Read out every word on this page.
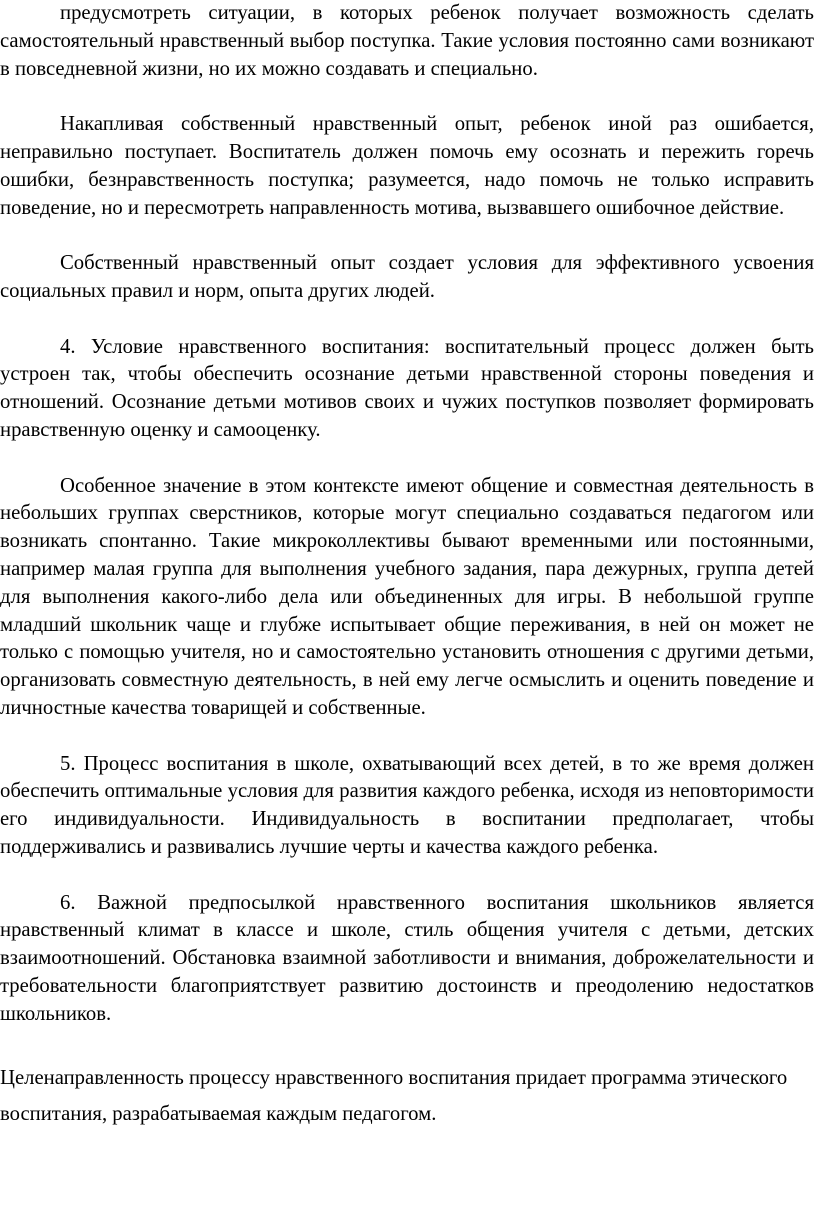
предусмотреть ситуации, в которых ребенок получает возможность сделать самостоятельный нравственный выбор поступка. Такие условия постоянно сами возникают в повседневной жизни, но их можно создавать и специально.

Накапливая собственный нравственный опыт, ребенок иной раз ошибается, неправильно поступает. Воспитатель должен помочь ему осознать и пережить горечь ошибки, безнравственность поступка; разумеется, надо помочь не только исправить поведение, но и пересмотреть направленность мотива, вызвавшего ошибочное действие.

Собственный нравственный опыт создает условия для эффективного усвоения социальных правил и норм, опыта других людей.

4. Условие нравственного воспитания: воспитательный процесс должен быть устроен так, чтобы обеспечить осознание детьми нравственной стороны поведения и отношений. Осознание детьми мотивов своих и чужих поступков позволяет формировать нравственную оценку и самооценку.

Особенное значение в этом контексте имеют общение и совместная деятельность в небольших группах сверстников, которые могут специально создаваться педагогом или возникать спонтанно. Такие микроколлективы бывают временными или постоянными, например малая группа для выполнения учебного задания, пара дежурных, группа детей для выполнения какого-либо дела или объединенных для игры. В небольшой группе младший школьник чаще и глубже испытывает общие переживания, в ней он может не только с помощью учителя, но и самостоятельно установить отношения с другими детьми, организовать совместную деятельность, в ней ему легче осмыслить и оценить поведение и личностные качества товарищей и собственные.

5. Процесс воспитания в школе, охватывающий всех детей, в то же время должен обеспечить оптимальные условия для развития каждого ребенка, исходя из неповторимости его индивидуальности. Индивидуальность в воспитании предполагает, чтобы поддерживались и развивались лучшие черты и качества каждого ребенка.

6. Важной предпосылкой нравственного воспитания школьников является нравственный климат в классе и школе, стиль общения учителя с детьми, детских взаимоотношений. Обстановка взаимной заботливости и внимания, доброжелательности и требовательности благоприятствует развитию достоинств и преодолению недостатков школьников.

Целенаправленность процессу нравственного воспитания придает программа этического воспитания, разрабатываемая каждым педагогом.
